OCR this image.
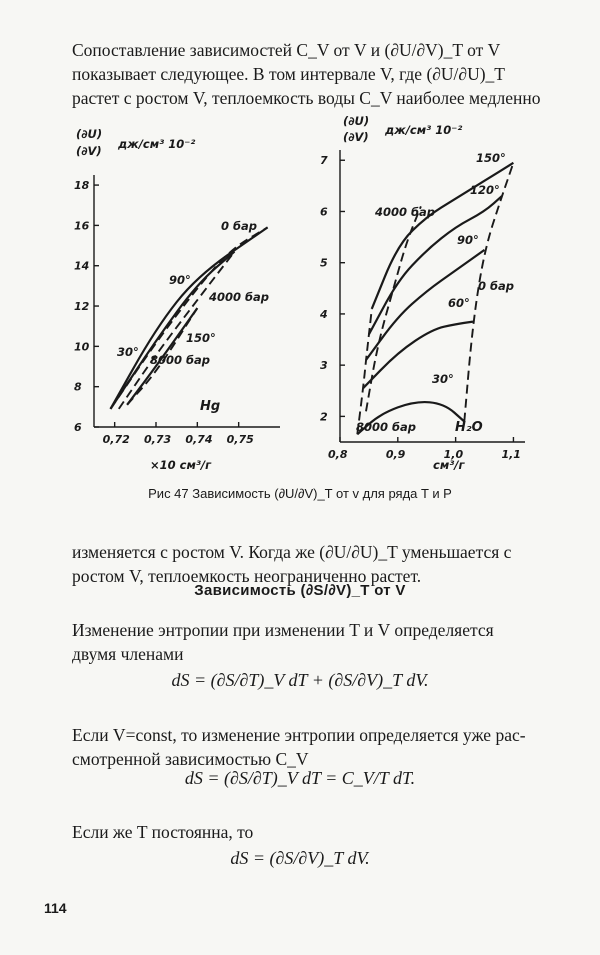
Сопоставление зависимостей C_V от V и (∂U/∂V)_T от V
показывает следующее. В том интервале V, где (∂U/∂U)_T
растет с ростом V, теплоемкость воды C_V наиболее медленно
(∂U)
(∂V) дж/см³ 10⁻²
6
8
10
12
14
16
18
0,72 0,73 0,74 0,75
×10 см³/г
0 бар
90°
4000 бар
150°
30°
8000 бар
Hg
(∂U)
(∂V) дж/см³ 10⁻²
2
3
4
5
6
7
0,8	0,9	1,0	1,1
см³/г
150°
120°
4000 бар
90°
0 бар
60°
30°
8000 бар	H₂O
Рис 47 Зависимость (∂U/∂V)_T от v для ряда T и P
изменяется с ростом V. Когда же (∂U/∂U)_T уменьшается с
ростом V, теплоемкость неограниченно растет.
Зависимость (∂S/∂V)_T от V
Изменение энтропии при изменении T и V определяется
двумя членами
dS = (∂S/∂T)_V dT + (∂S/∂V)_T dV.
Если V=const, то изменение энтропии определяется уже рас-
смотренной зависимостью C_V
dS = (∂S/∂T)_V dT = C_V/T dT.
Если же T постоянна, то
dS = (∂S/∂V)_T dV.
114
